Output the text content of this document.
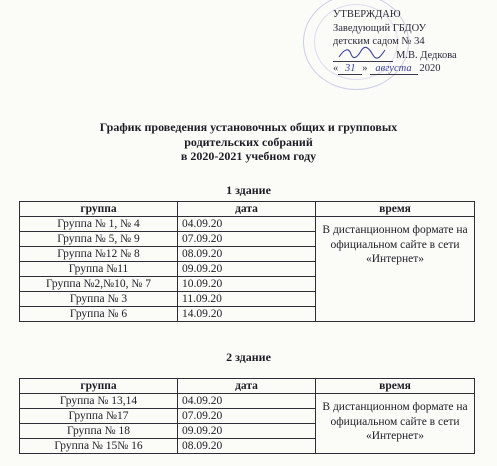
УТВЕРЖДАЮ
Заведующий ГБДОУ
детским садом № 34
М.В. Дедкова
« 31 » августа 2020
График проведения установочных общих и групповых
родительских собраний
в 2020-2021 учебном году
1 здание
группа	дата	время
Группа № 1, № 4	04.09.20	В дистанционном формате на официальном сайте в сети «Интернет»
Группа № 5, № 9	07.09.20	
Группа №12 № 8	08.09.20	
Группа №11	09.09.20	
Группа №2,№10, № 7	10.09.20	
Группа № 3	11.09.20	
Группа № 6	14.09.20	
2 здание
группа	дата	время
Группа № 13,14	04.09.20	В дистанционном формате на официальном сайте в сети «Интернет»
Группа №17	07.09.20	
Группа № 18	09.09.20	
Группа № 15№ 16	08.09.20	
